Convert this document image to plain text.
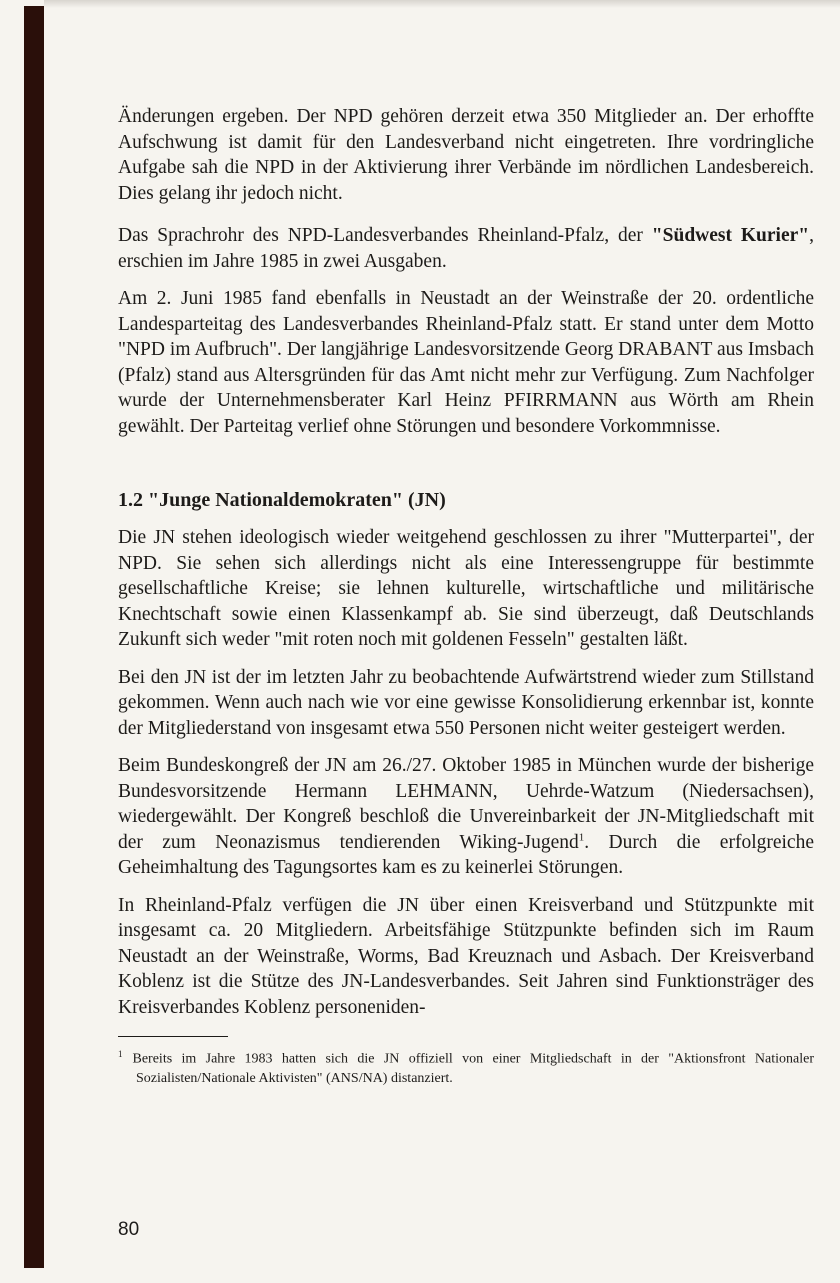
Änderungen ergeben. Der NPD gehören derzeit etwa 350 Mitglieder an. Der erhoffte Aufschwung ist damit für den Landesverband nicht eingetreten. Ihre vordringliche Aufgabe sah die NPD in der Aktivierung ihrer Verbände im nördlichen Landesbereich. Dies gelang ihr jedoch nicht.

Das Sprachrohr des NPD-Landesverbandes Rheinland-Pfalz, der "Südwest Kurier", erschien im Jahre 1985 in zwei Ausgaben.

Am 2. Juni 1985 fand ebenfalls in Neustadt an der Weinstraße der 20. ordentliche Landesparteitag des Landesverbandes Rheinland-Pfalz statt. Er stand unter dem Motto "NPD im Aufbruch". Der langjährige Landesvorsitzende Georg DRABANT aus Imsbach (Pfalz) stand aus Altersgründen für das Amt nicht mehr zur Verfügung. Zum Nachfolger wurde der Unternehmensberater Karl Heinz PFIRRMANN aus Wörth am Rhein gewählt. Der Parteitag verlief ohne Störungen und besondere Vorkommnisse.

1.2 "Junge Nationaldemokraten" (JN)

Die JN stehen ideologisch wieder weitgehend geschlossen zu ihrer "Mutterpartei", der NPD. Sie sehen sich allerdings nicht als eine Interessengruppe für bestimmte gesellschaftliche Kreise; sie lehnen kulturelle, wirtschaftliche und militärische Knechtschaft sowie einen Klassenkampf ab. Sie sind überzeugt, daß Deutschlands Zukunft sich weder "mit roten noch mit goldenen Fesseln" gestalten läßt.

Bei den JN ist der im letzten Jahr zu beobachtende Aufwärtstrend wieder zum Stillstand gekommen. Wenn auch nach wie vor eine gewisse Konsolidierung erkennbar ist, konnte der Mitgliederstand von insgesamt etwa 550 Personen nicht weiter gesteigert werden.

Beim Bundeskongreß der JN am 26./27. Oktober 1985 in München wurde der bisherige Bundesvorsitzende Hermann LEHMANN, Uehrde-Watzum (Niedersachsen), wiedergewählt. Der Kongreß beschloß die Unvereinbarkeit der JN-Mitgliedschaft mit der zum Neonazismus tendierenden Wiking-Jugend$^1$. Durch die erfolgreiche Geheimhaltung des Tagungsortes kam es zu keinerlei Störungen.

In Rheinland-Pfalz verfügen die JN über einen Kreisverband und Stützpunkte mit insgesamt ca. 20 Mitgliedern. Arbeitsfähige Stützpunkte befinden sich im Raum Neustadt an der Weinstraße, Worms, Bad Kreuznach und Asbach. Der Kreisverband Koblenz ist die Stütze des JN-Landesverbandes. Seit Jahren sind Funktionsträger des Kreisverbandes Koblenz personeniden-

$^1$ Bereits im Jahre 1983 hatten sich die JN offiziell von einer Mitgliedschaft in der "Aktionsfront Nationaler Sozialisten/Nationale Aktivisten" (ANS/NA) distanziert.
80
